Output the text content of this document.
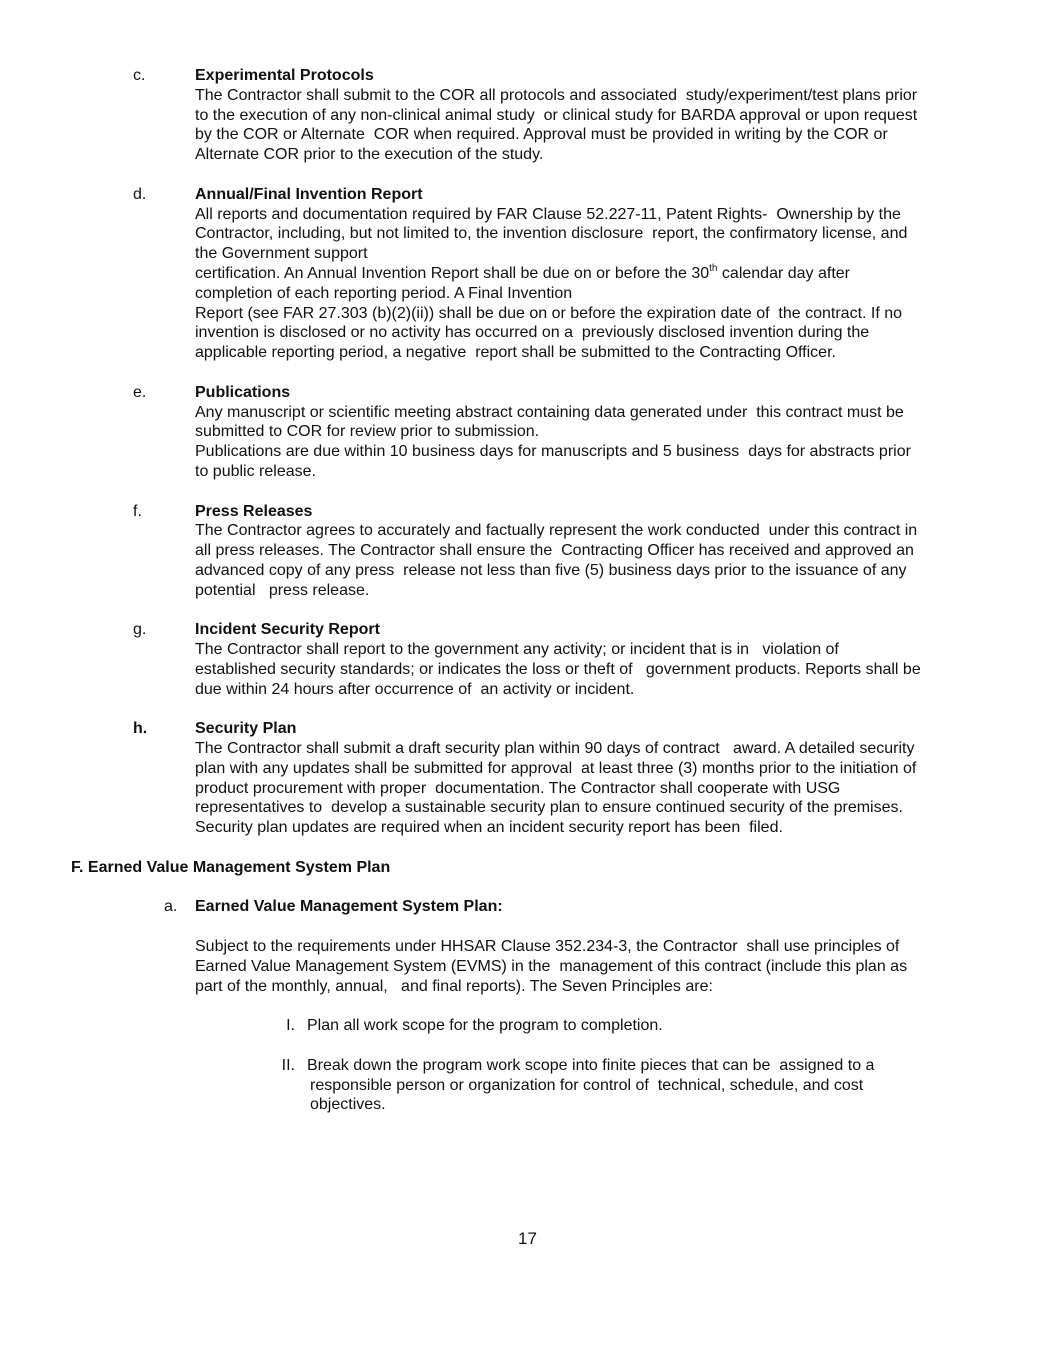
c.	Experimental Protocols
The Contractor shall submit to the COR all protocols and associated  study/experiment/test plans prior
to the execution of any non-clinical animal study  or clinical study for BARDA approval or upon request
by the COR or Alternate  COR when required. Approval must be provided in writing by the COR or
Alternate COR prior to the execution of the study.
d.	Annual/Final Invention Report
All reports and documentation required by FAR Clause 52.227-11, Patent Rights-  Ownership by the
Contractor, including, but not limited to, the invention disclosure  report, the confirmatory license, and
the Government support
certification. An Annual Invention Report shall be due on or before the 30th calendar day after
completion of each reporting period. A Final Invention
Report (see FAR 27.303 (b)(2)(ii)) shall be due on or before the expiration date of  the contract. If no
invention is disclosed or no activity has occurred on a  previously disclosed invention during the
applicable reporting period, a negative  report shall be submitted to the Contracting Officer.
e.	Publications
Any manuscript or scientific meeting abstract containing data generated under  this contract must be
submitted to COR for review prior to submission.
Publications are due within 10 business days for manuscripts and 5 business  days for abstracts prior
to public release.
f.	Press Releases
The Contractor agrees to accurately and factually represent the work conducted  under this contract in
all press releases. The Contractor shall ensure the  Contracting Officer has received and approved an
advanced copy of any press  release not less than five (5) business days prior to the issuance of any
potential   press release.
g.	Incident Security Report
The Contractor shall report to the government any activity; or incident that is in   violation of
established security standards; or indicates the loss or theft of   government products. Reports shall be
due within 24 hours after occurrence of  an activity or incident.
h.	Security Plan
The Contractor shall submit a draft security plan within 90 days of contract   award. A detailed security
plan with any updates shall be submitted for approval  at least three (3) months prior to the initiation of
product procurement with proper  documentation. The Contractor shall cooperate with USG
representatives to  develop a sustainable security plan to ensure continued security of the premises.
Security plan updates are required when an incident security report has been  filed.
F. Earned Value Management System Plan
a. Earned Value Management System Plan:
Subject to the requirements under HHSAR Clause 352.234-3, the Contractor  shall use principles of
Earned Value Management System (EVMS) in the  management of this contract (include this plan as
part of the monthly, annual,   and final reports). The Seven Principles are:
I. Plan all work scope for the program to completion.
II. Break down the program work scope into finite pieces that can be  assigned to a
responsible person or organization for control of  technical, schedule, and cost
objectives.
17
